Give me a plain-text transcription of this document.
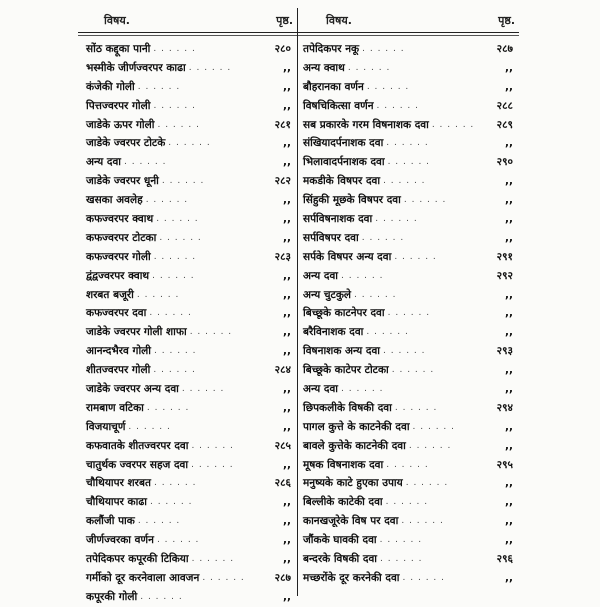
विषय.	पृष्ठ.
सोंठ कद्दूका पानी . . . . . .	२८०
भस्मीके जीर्णज्वरपर काढा . . . . . .	,,
कंजेकी गोली . . . . . .	,,
पित्तज्वरपर गोली . . . . . .	,,
जाडेके ऊपर गोली . . . . . .	२८१
जाडेके ज्वरपर टोटके . . . . . .	,,
अन्य दवा . . . . . .	,,
जाडेके ज्वरपर धूनी . . . . . .	२८२
खसका अवलेह . . . . . .	,,
कफज्वरपर क्वाथ . . . . . .	,,
कफज्वरपर टोटका . . . . . .	,,
कफज्वरपर गोली . . . . . .	२८३
द्वंद्वज्वरपर क्वाथ . . . . . .	,,
शरबत बजूरी . . . . . .	,,
कफज्वरपर दवा . . . . . .	,,
जाडेके ज्वरपर गोली शाफा . . . . . .	,,
आनन्दभैरव गोली . . . . . .	,,
शीतज्वरपर गोली . . . . . .	२८४
जाडेके ज्वरपर अन्य दवा . . . . . .	,,
रामबाण वटिका . . . . . .	,,
विजयाचूर्ण . . . . . .	,,
कफवातके शीतज्वरपर दवा . . . . . .	२८५
चातुर्थक ज्वरपर सहज दवा . . . . . .	,,
चौथियापर शरबत . . . . . .	२८६
चौथियापर काढा . . . . . .	,,
कलौंजी पाक . . . . . .	,,
जीर्णज्वरका वर्णन . . . . . .	,,
तपेदिकपर कपूरकी टिकिया . . . . . .	,,
गर्मीको दूर करनेवाला आवजन . . . . . .	२८७
कपूरकी गोली . . . . . .	,,
विषय.	पृष्ठ.
तपेदिकपर नकू . . . . . .	२८७
अन्य क्वाथ . . . . . .	,,
बौहरानका वर्णन . . . . . .	,,
विषचिकित्सा वर्णन . . . . . .	२८८
सब प्रकारके गरम विषनाशक दवा . . . . . .	२८९
संखियादर्पनाशक दवा . . . . . .	,,
भिलावादर्पनाशक दवा . . . . . .	२९०
मकडीके विषपर दवा . . . . . .	,,
सिंहुकी मूछके विषपर दवा . . . . . .	,,
सर्पविषनाशक दवा . . . . . .	,,
सर्पविषपर दवा . . . . . .	,,
सर्पके विषपर अन्य दवा . . . . . .	२९१
अन्य दवा . . . . . .	२९२
अन्य चुटकुले . . . . . .	,,
बिच्छूके काटनेपर दवा . . . . . .	,,
बरैविनाशक दवा . . . . . .	,,
विषनाशक अन्य दवा . . . . . .	२९३
बिच्छूके काटेपर टोटका . . . . . .	,,
अन्य दवा . . . . . .	,,
छिपकलीके विषकी दवा . . . . . .	२९४
पागल कुत्ते के काटनेकी दवा . . . . . .	,,
बावले कुत्तेके काटनेकी दवा . . . . . .	,,
मूषक विषनाशक दवा . . . . . .	२९५
मनुष्यके काटे हुएका उपाय . . . . . .	,,
बिल्लीके काटेकी दवा . . . . . .	,,
कानखजूरेके विष पर दवा . . . . . .	,,
जौंकके घावकी दवा . . . . . .	,,
बन्दरके विषकी दवा . . . . . .	२९६
मच्छरोंके दूर करनेकी दवा . . . . . .	,,
